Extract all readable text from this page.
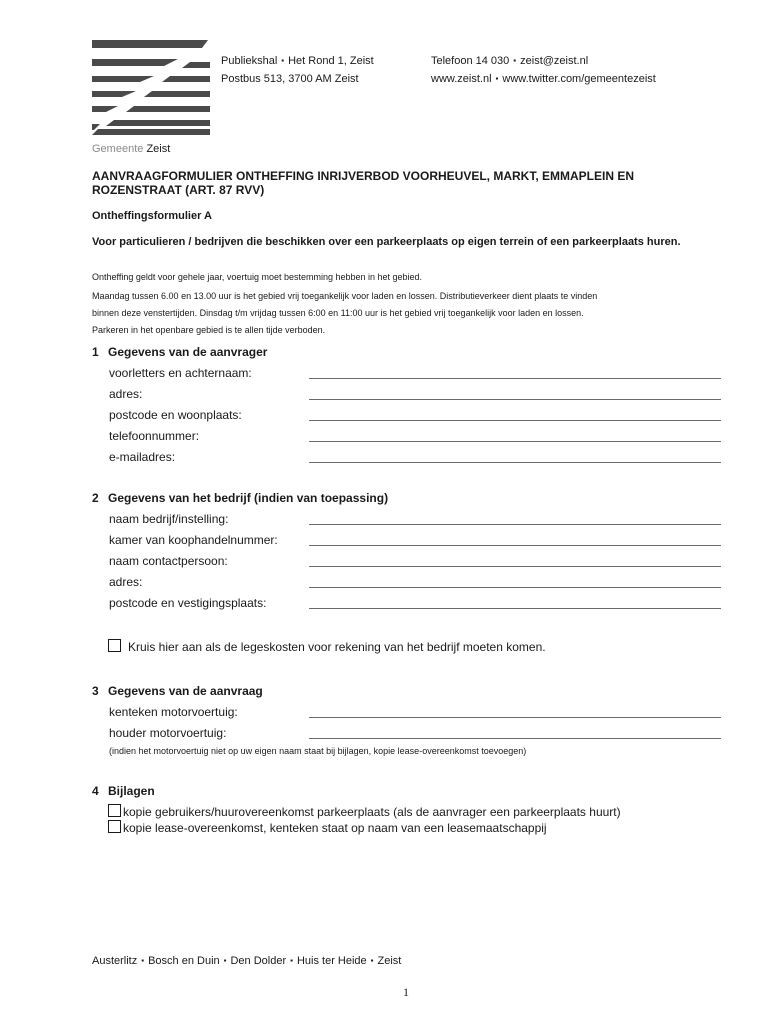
Gemeente Zeist
Publiekshal ▪ Het Rond 1, Zeist
Postbus 513, 3700 AM Zeist
Telefoon 14 030 ▪ zeist@zeist.nl
www.zeist.nl ▪ www.twitter.com/gemeentezeist
AANVRAAGFORMULIER ONTHEFFING INRIJVERBOD VOORHEUVEL, MARKT, EMMAPLEIN EN ROZENSTRAAT (ART. 87 RVV)
Ontheffingsformulier A
Voor particulieren / bedrijven die beschikken over een parkeerplaats op eigen terrein of een parkeerplaats huren.
Ontheffing geldt voor gehele jaar, voertuig moet bestemming hebben in het gebied.
Maandag tussen 6.00 en 13.00 uur is het gebied vrij toegankelijk voor laden en lossen. Distributieverkeer dient plaats te vinden
binnen deze venstertijden. Dinsdag t/m vrijdag tussen 6:00 en 11:00 uur is het gebied vrij toegankelijk voor laden en lossen.
Parkeren in het openbare gebied is te allen tijde verboden.
1 Gegevens van de aanvrager
voorletters en achternaam:
adres:
postcode en woonplaats:
telefoonnummer:
e-mailadres:
2 Gegevens van het bedrijf (indien van toepassing)
naam bedrijf/instelling:
kamer van koophandelnummer:
naam contactpersoon:
adres:
postcode en vestigingsplaats:
Kruis hier aan als de legeskosten voor rekening van het bedrijf moeten komen.
3 Gegevens van de aanvraag
kenteken motorvoertuig:
houder motorvoertuig:
(indien het motorvoertuig niet op uw eigen naam staat bij bijlagen, kopie lease-overeenkomst toevoegen)
4 Bijlagen
kopie gebruikers/huurovereenkomst parkeerplaats (als de aanvrager een parkeerplaats huurt)
kopie lease-overeenkomst, kenteken staat op naam van een leasemaatschappij
Austerlitz ▪ Bosch en Duin ▪ Den Dolder ▪ Huis ter Heide ▪ Zeist
1
